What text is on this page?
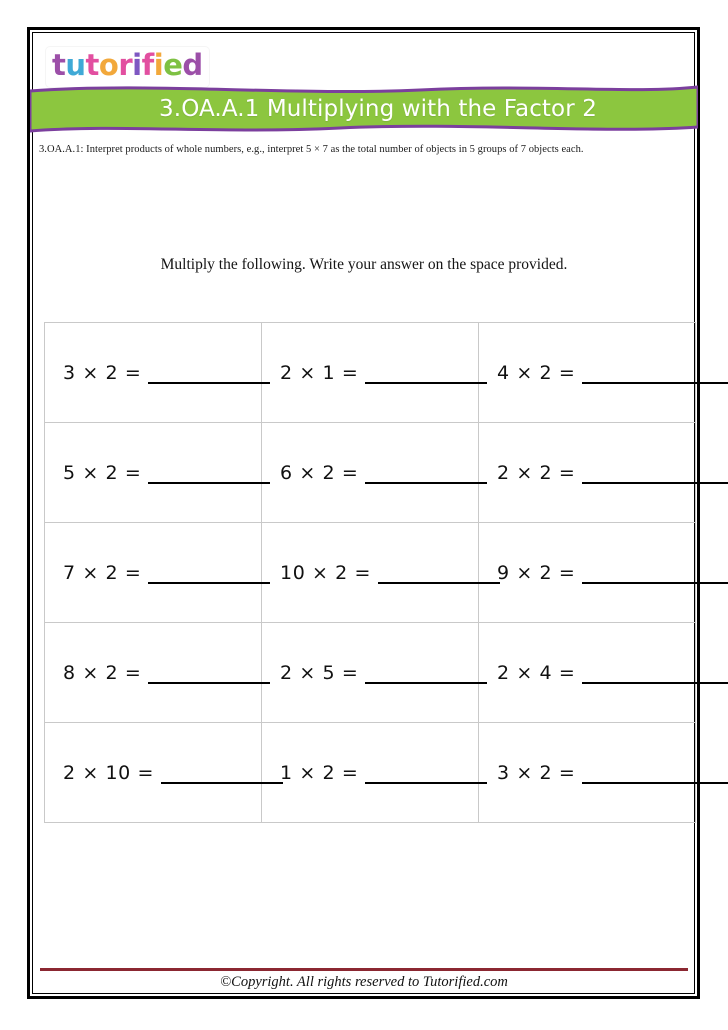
tutorified
3.OA.A.1 Multiplying with the Factor 2
3.OA.A.1: Interpret products of whole numbers, e.g., interpret 5 × 7 as the total number of objects in 5 groups of 7 objects each.
Multiply the following. Write your answer on the space provided.
3 × 2 =	2 × 1 =	4 × 2 =

5 × 2 =	6 × 2 =	2 × 2 =

7 × 2 =	10 × 2 =	9 × 2 =

8 × 2 =	2 × 5 =	2 × 4 =

2 × 10 =	1 × 2 =	3 × 2 =
©Copyright. All rights reserved to Tutorified.com
